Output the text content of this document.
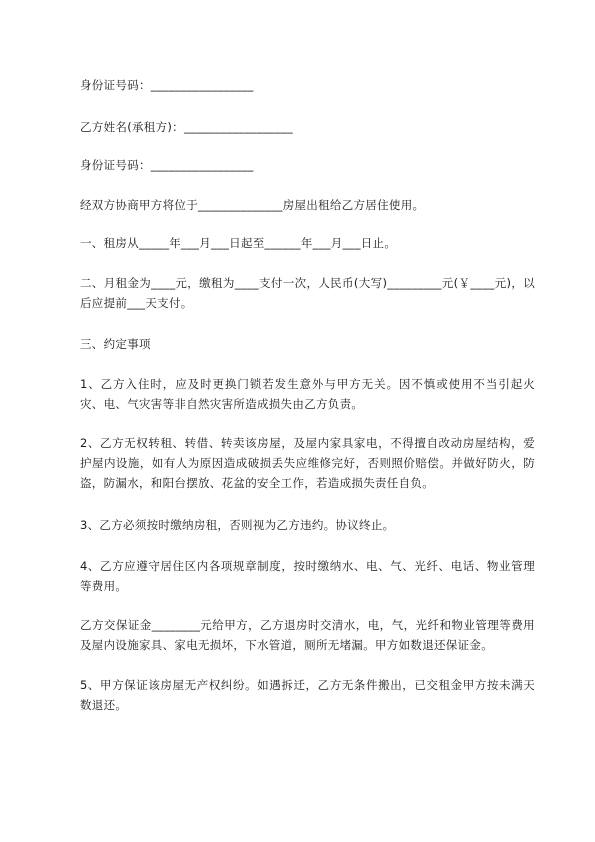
身份证号码：_________________

乙方姓名(承租方)：__________________

身份证号码：_________________

经双方协商甲方将位于______________房屋出租给乙方居住使用。

一、租房从_____年___月___日起至______年___月___日止。

二、月租金为____元，缴租为____支付一次，人民币(大写)_________元(￥____元)，以后应提前___天支付。

三、约定事项

1、乙方入住时，应及时更换门锁若发生意外与甲方无关。因不慎或使用不当引起火灾、电、气灾害等非自然灾害所造成损失由乙方负责。

2、乙方无权转租、转借、转卖该房屋，及屋内家具家电，不得擅自改动房屋结构，爱护屋内设施，如有人为原因造成破损丢失应维修完好，否则照价赔偿。并做好防火，防盗，防漏水，和阳台摆放、花盆的安全工作，若造成损失责任自负。

3、乙方必须按时缴纳房租，否则视为乙方违约。协议终止。

4、乙方应遵守居住区内各项规章制度，按时缴纳水、电、气、光纤、电话、物业管理等费用。

乙方交保证金________元给甲方，乙方退房时交清水，电，气，光纤和物业管理等费用及屋内设施家具、家电无损坏，下水管道，厕所无堵漏。甲方如数退还保证金。

5、甲方保证该房屋无产权纠纷。如遇拆迁，乙方无条件搬出，已交租金甲方按未满天数退还。
